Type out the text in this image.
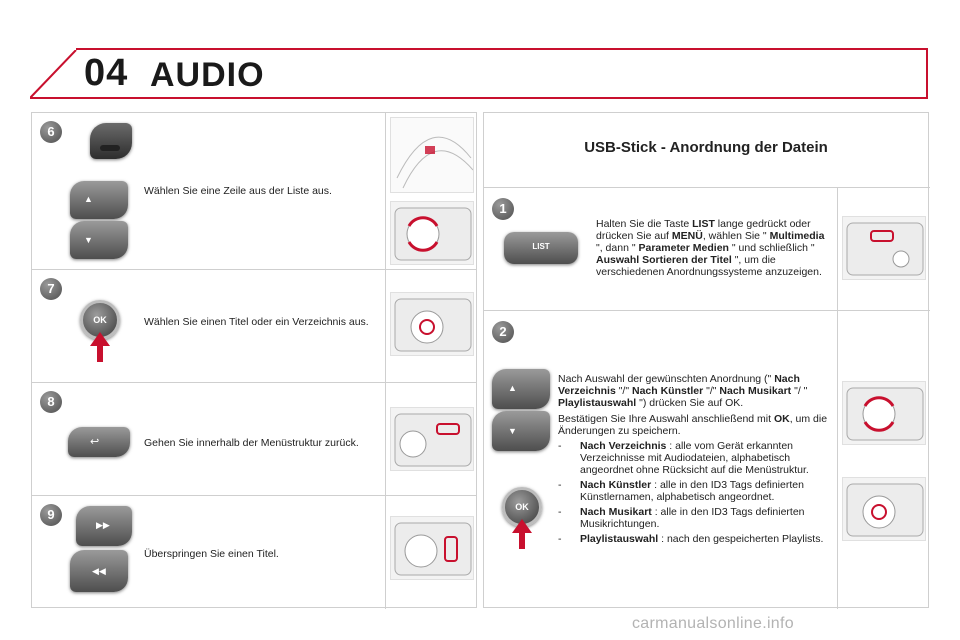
04 AUDIO
6
▲
▼
Wählen Sie eine Zeile aus der Liste aus.
7
OK	Wählen Sie einen Titel oder ein Verzeichnis aus.
8
↩	Gehen Sie innerhalb der Menüstruktur zurück.
9
▶▶
◀◀
Überspringen Sie einen Titel.
USB-Stick - Anordnung der Datein
1
LIST
Halten Sie die Taste LIST lange gedrückt oder drücken Sie auf MENÜ, wählen Sie " Multimedia ", dann " Parameter Medien " und schließlich " Auswahl Sortieren der Titel ", um die verschiedenen Anordnungssysteme anzuzeigen.
2
▲
▼
OK
Nach Auswahl der gewünschten Anordnung (" Nach Verzeichnis "/" Nach Künstler "/" Nach Musikart "/ " Playlistauswahl ") drücken Sie auf OK.
Bestätigen Sie Ihre Auswahl anschließend mit OK, um die Änderungen zu speichern.
-	Nach Verzeichnis : alle vom Gerät erkannten Verzeichnisse mit Audiodateien, alphabetisch angeordnet ohne Rücksicht auf die Menüstruktur.
-	Nach Künstler : alle in den ID3 Tags definierten Künstlernamen, alphabetisch angeordnet.
-	Nach Musikart : alle in den ID3 Tags definierten Musikrichtungen.
-	Playlistauswahl : nach den gespeicherten Playlists.
carmanualsonline.info
